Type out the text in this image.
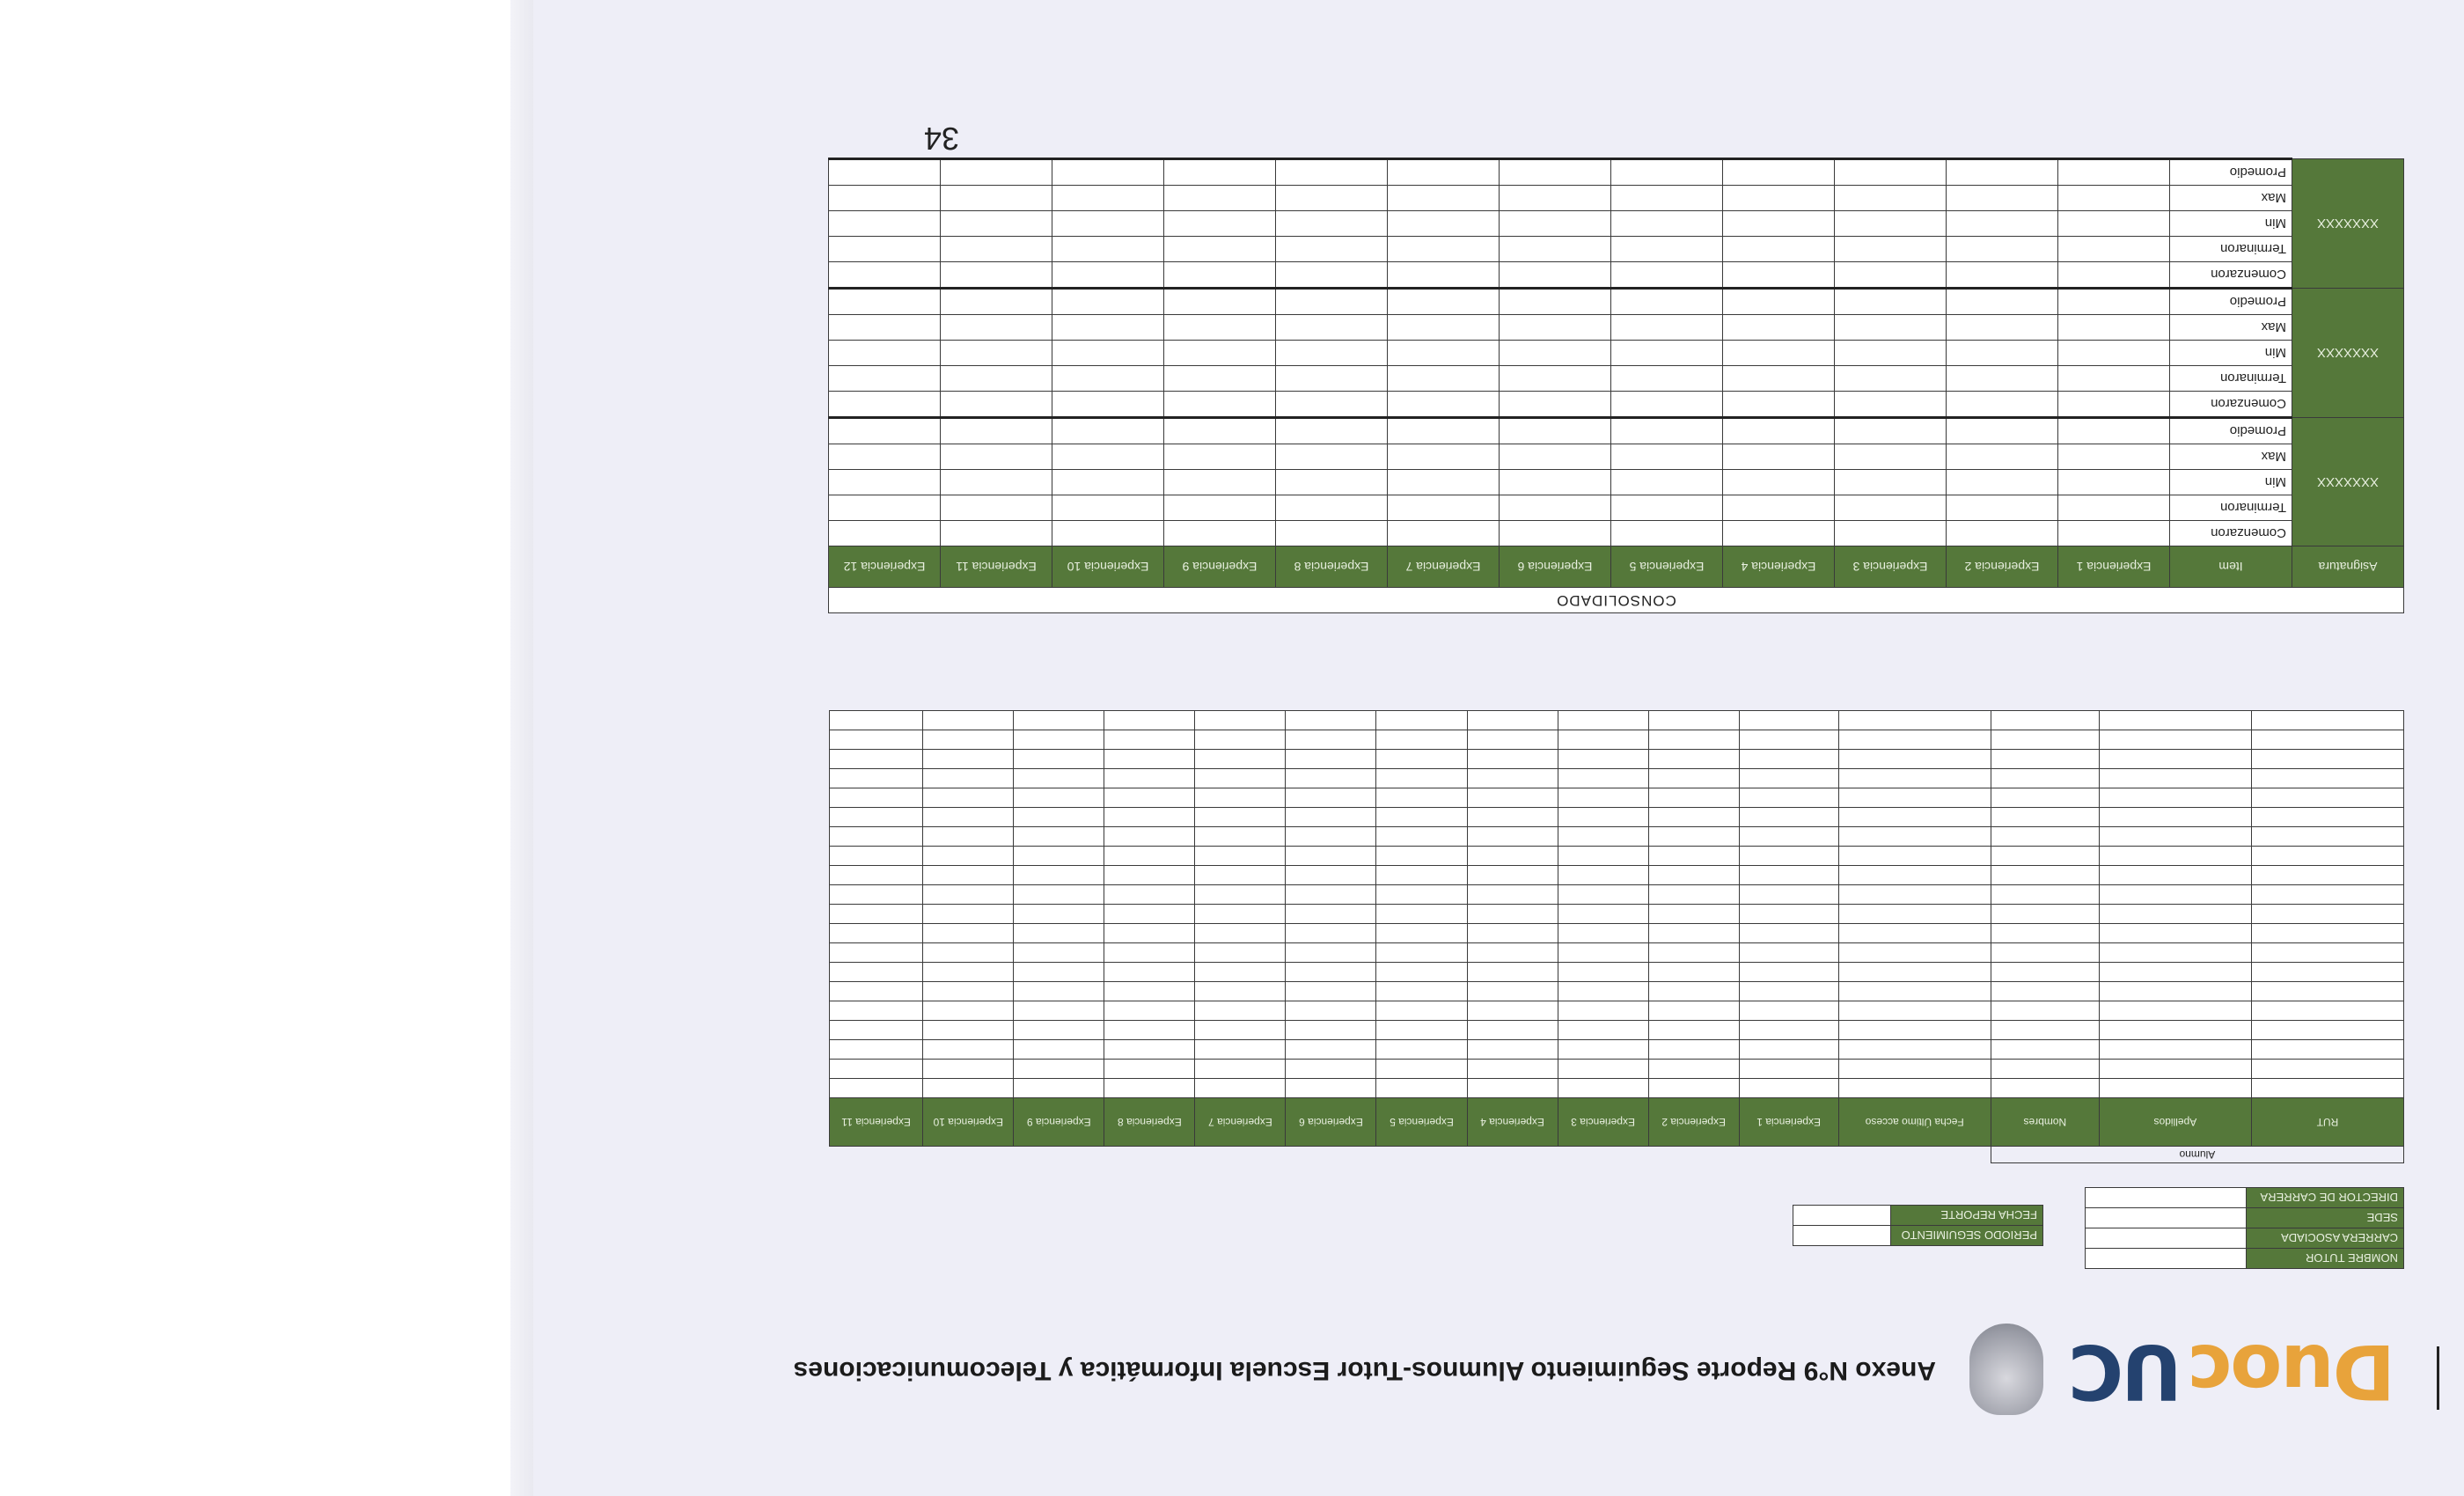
Duoc
UC
Anexo N°9 Reporte Seguimiento Alumnos-Tutor Escuela Informática y Telecomunicaciones
NOMBRE TUTOR	
CARRERA ASOCIADA	
SEDE	
DIRECTOR DE CARRERA	
PERIODO SEGUIMIENTO	
FECHA REPORTE	
Alumno														
RUT	Apellidos	Nombres	Fecha Último acceso	Experiencia 1	Experiencia 2	Experiencia 3	Experiencia 4	Experiencia 5	Experiencia 6	Experiencia 7	Experiencia 8	Experiencia 9	Experiencia 10	Experiencia 11

CONSOLIDADO													
Asignatura	Item	Experiencia 1	Experiencia 2	Experiencia 3	Experiencia 4	Experiencia 5	Experiencia 6	Experiencia 7	Experiencia 8	Experiencia 9	Experiencia 10	Experiencia 11	Experiencia 12
XXXXXXX	Comenzaron												
	Terminaron												
	Min												
	Max												
	Promedio												
XXXXXXX	Comenzaron												
	Terminaron												
	Min												
	Max												
	Promedio												
XXXXXXX	Comenzaron												
	Terminaron												
	Min												
	Max												
	Promedio												
34
